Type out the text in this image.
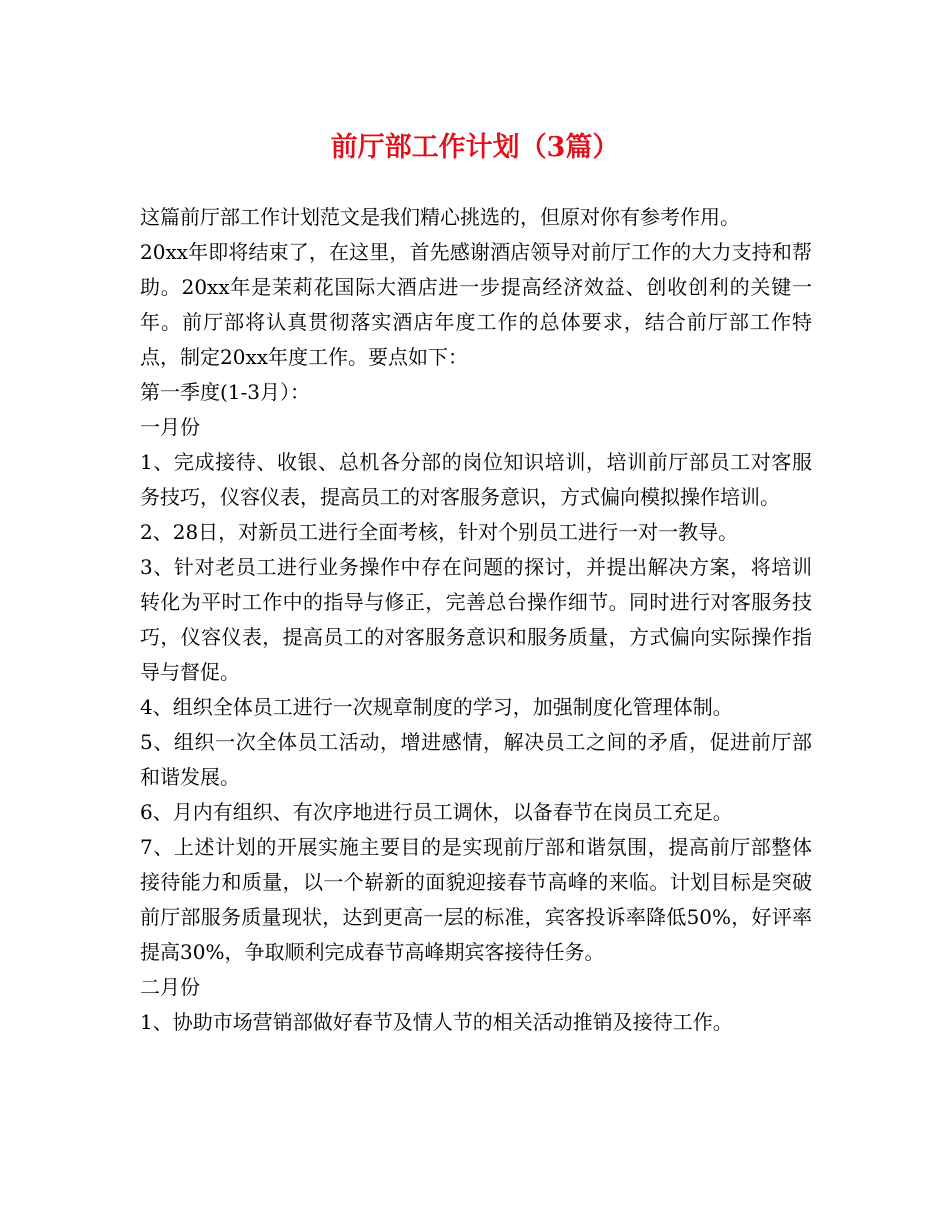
前厅部工作计划（3篇）

这篇前厅部工作计划范文是我们精心挑选的，但原对你有参考作用。

20xx年即将结束了，在这里，首先感谢酒店领导对前厅工作的大力支持和帮助。20xx年是茉莉花国际大酒店进一步提高经济效益、创收创利的关键一年。前厅部将认真贯彻落实酒店年度工作的总体要求，结合前厅部工作特点，制定20xx年度工作。要点如下：

第一季度(1-3月）：

一月份

1、完成接待、收银、总机各分部的岗位知识培训，培训前厅部员工对客服务技巧，仪容仪表，提高员工的对客服务意识，方式偏向模拟操作培训。

2、28日，对新员工进行全面考核，针对个别员工进行一对一教导。

3、针对老员工进行业务操作中存在问题的探讨，并提出解决方案，将培训转化为平时工作中的指导与修正，完善总台操作细节。同时进行对客服务技巧，仪容仪表，提高员工的对客服务意识和服务质量，方式偏向实际操作指导与督促。

4、组织全体员工进行一次规章制度的学习，加强制度化管理体制。

5、组织一次全体员工活动，增进感情，解决员工之间的矛盾，促进前厅部和谐发展。

6、月内有组织、有次序地进行员工调休，以备春节在岗员工充足。

7、上述计划的开展实施主要目的是实现前厅部和谐氛围，提高前厅部整体接待能力和质量，以一个崭新的面貌迎接春节高峰的来临。计划目标是突破前厅部服务质量现状，达到更高一层的标准，宾客投诉率降低50%，好评率提高30%，争取顺利完成春节高峰期宾客接待任务。

二月份

1、协助市场营销部做好春节及情人节的相关活动推销及接待工作。
